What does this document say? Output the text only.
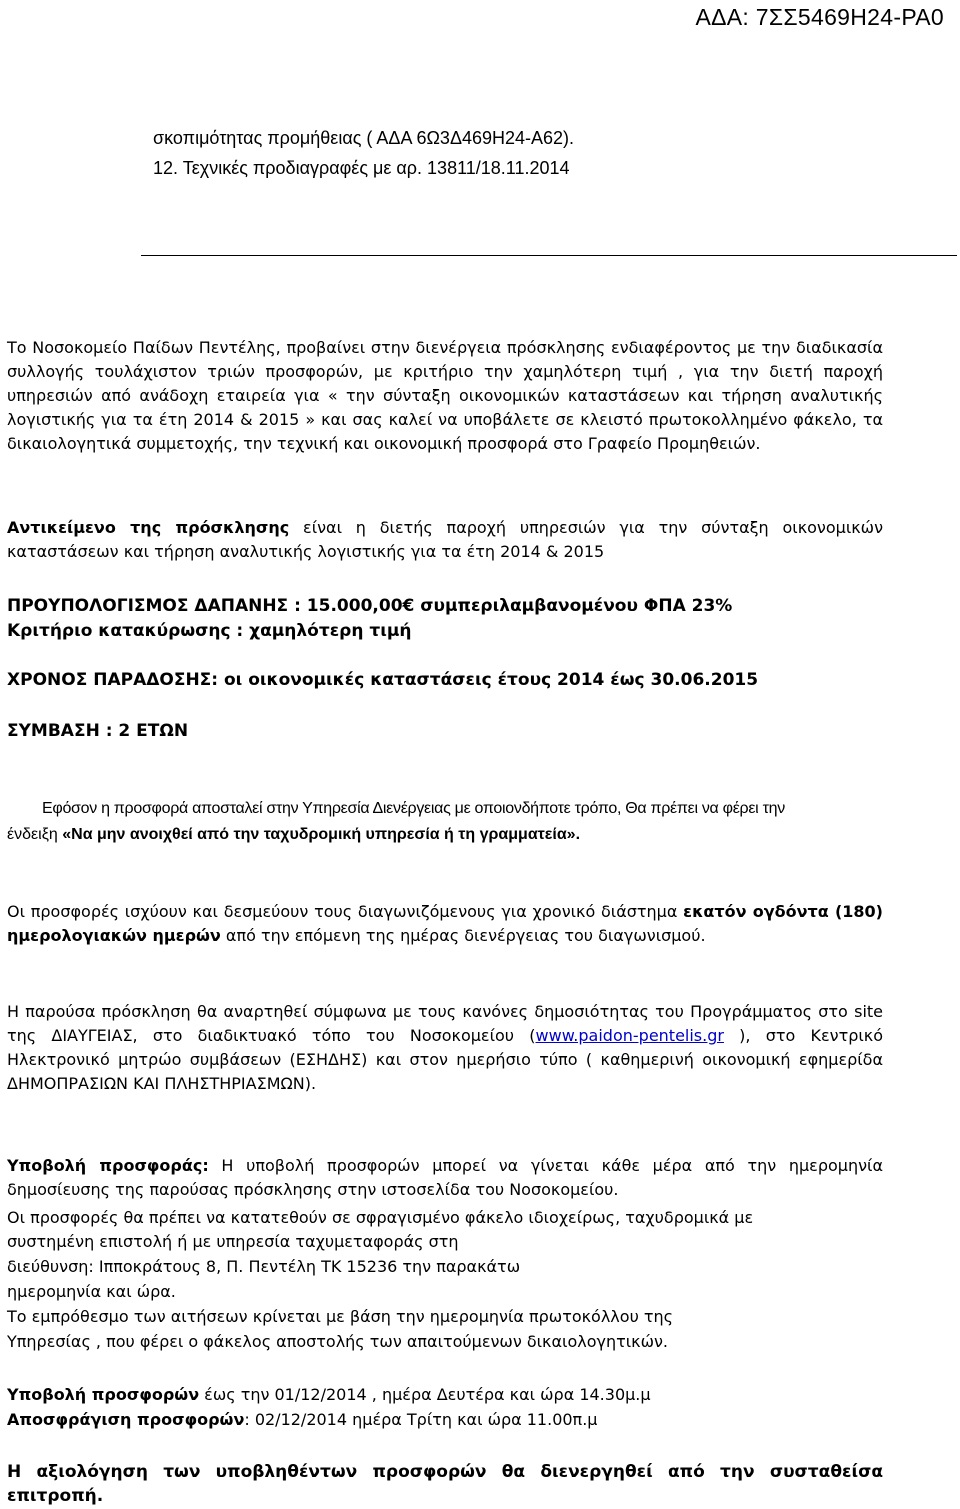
ΑΔΑ: 7ΣΣ5469Η24-ΡΑ0
σκοπιμότητας προμήθειας ( ΑΔΑ 6Ω3Δ469Η24-Α62).
12. Τεχνικές προδιαγραφές με αρ. 13811/18.11.2014

Το Νοσοκομείο Παίδων Πεντέλης, προβαίνει στην διενέργεια πρόσκλησης ενδιαφέροντος με την διαδικασία συλλογής τουλάχιστον τριών προσφορών, με κριτήριο την χαμηλότερη τιμή , για την διετή παροχή υπηρεσιών από ανάδοχη εταιρεία για « την σύνταξη οικονομικών καταστάσεων και τήρηση αναλυτικής λογιστικής για τα έτη 2014 & 2015 » και σας καλεί να υποβάλετε σε κλειστό πρωτοκολλημένο φάκελο, τα δικαιολογητικά συμμετοχής, την τεχνική και οικονομική προσφορά στο Γραφείο Προμηθειών.

Αντικείμενο της πρόσκλησης είναι η διετής παροχή υπηρεσιών για την σύνταξη οικονομικών καταστάσεων και τήρηση αναλυτικής λογιστικής για τα έτη 2014 & 2015

ΠΡΟΥΠΟΛΟΓΙΣΜΟΣ ΔΑΠΑΝΗΣ : 15.000,00€ συμπεριλαμβανομένου ΦΠΑ 23%
Κριτήριο κατακύρωσης : χαμηλότερη τιμή
ΧΡΟΝΟΣ ΠΑΡΑΔΟΣΗΣ: οι οικονομικές καταστάσεις έτους 2014 έως 30.06.2015
ΣΥΜΒΑΣΗ : 2 ΕΤΩΝ
Εφόσον η προσφορά αποσταλεί στην Υπηρεσία Διενέργειας με οποιονδήποτε τρόπο, Θα πρέπει να φέρει την
ένδειξη «Να μην ανοιχθεί από την ταχυδρομική υπηρεσία ή τη γραμματεία».

Οι προσφορές ισχύουν και δεσμεύουν τους διαγωνιζόμενους για χρονικό διάστημα εκατόν ογδόντα (180) ημερολογιακών ημερών από την επόμενη της ημέρας διενέργειας του διαγωνισμού.

Η παρούσα πρόσκληση θα αναρτηθεί σύμφωνα με τους κανόνες δημοσιότητας του Προγράμματος στο site της ΔΙΑΥΓΕΙΑΣ, στο διαδικτυακό τόπο του Νοσοκομείου (www.paidon-pentelis.gr ), στο Κεντρικό Ηλεκτρονικό μητρώο συμβάσεων (ΕΣΗΔΗΣ) και στον ημερήσιο τύπο ( καθημερινή οικονομική εφημερίδα ΔΗΜΟΠΡΑΣΙΩΝ ΚΑΙ ΠΛΗΣΤΗΡΙΑΣΜΩΝ).

Υποβολή προσφοράς: Η υποβολή προσφορών μπορεί να γίνεται κάθε μέρα από την ημερομηνία δημοσίευσης της παρούσας πρόσκλησης στην ιστοσελίδα του Νοσοκομείου.

Οι προσφορές θα πρέπει να κατατεθούν σε σφραγισμένο φάκελο ιδιοχείρως, ταχυδρομικά με
συστημένη επιστολή ή με υπηρεσία ταχυμεταφοράς στη
διεύθυνση: Ιπποκράτους 8, Π. Πεντέλη ΤΚ 15236 την παρακάτω
ημερομηνία και ώρα.
Το εμπρόθεσμο των αιτήσεων κρίνεται με βάση την ημερομηνία πρωτοκόλλου της
Υπηρεσίας , που φέρει ο φάκελος αποστολής των απαιτούμενων δικαιολογητικών.
Υποβολή προσφορών έως την 01/12/2014 , ημέρα Δευτέρα και ώρα 14.30μ.μ
Αποσφράγιση προσφορών: 02/12/2014 ημέρα Τρίτη και ώρα 11.00π.μ

Η αξιολόγηση των υποβληθέντων προσφορών θα διενεργηθεί από την συσταθείσα επιτροπή.
